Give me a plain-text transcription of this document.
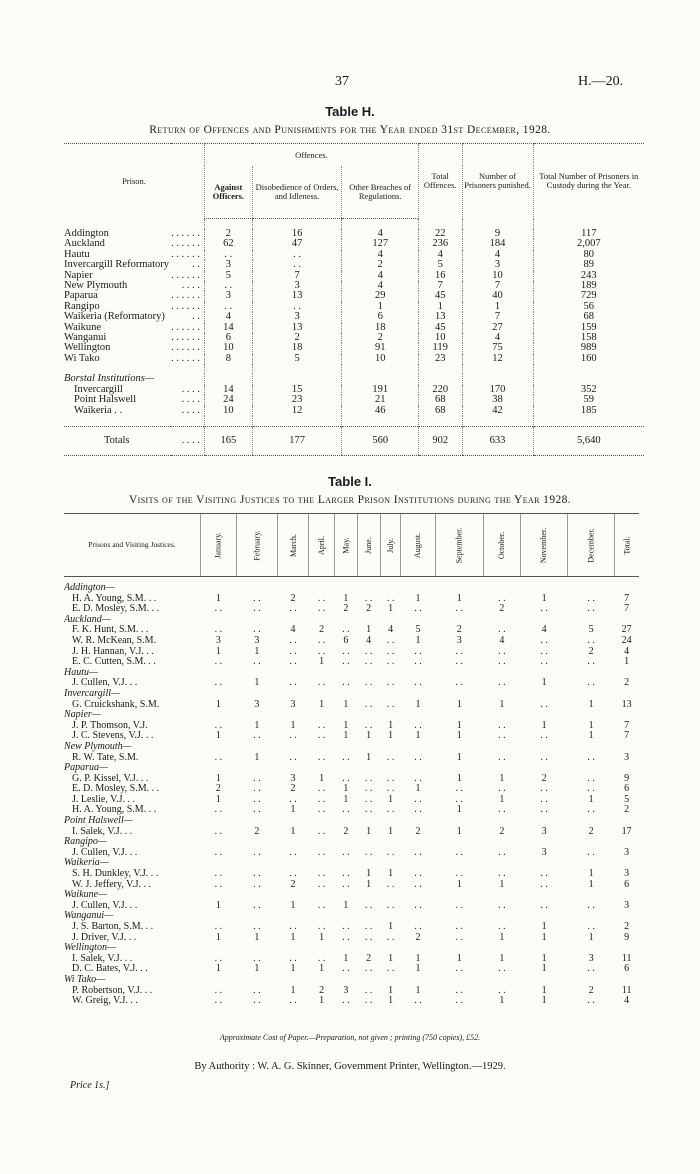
37	H.—20.
Table H.
Return of Offences and Punishments for the Year ended 31st December, 1928.
Prison.		Offences.			Total Offences.	Number of Prisoners punished.	Total Number of Prisoners in Custody during the Year.
		Against Officers.	Disobedience of Orders, and Idleness.	Other Breaches of Regulations.			

Addington	. . . . . .	2	16	4	22	9	117
Auckland	. . . . . .	62	47	127	236	184	2,007
Hautu	. . . . . .	. .	. .	4	4	4	80
Invercargill Reformatory	. .	3	. .	2	5	3	89
Napier	. . . . . .	5	7	4	16	10	243
New Plymouth	. . . .	. .	3	4	7	7	189
Paparua	. . . . . .	3	13	29	45	40	729
Rangipo	. . . . . .	. .	. .	1	1	1	56
Waikeria (Reformatory)	. .	4	3	6	13	7	68
Waikune	. . . . . .	14	13	18	45	27	159
Wanganui	. . . . . .	6	2	2	10	4	158
Wellington	. . . . . .	10	18	91	119	75	989
Wi Tako	. . . . . .	8	5	10	23	12	160

Borstal Institutions—							
Invercargill	. . . .	14	15	191	220	170	352
Point Halswell	. . . .	24	23	21	68	38	59
Waikeria . .	. . . .	10	12	46	68	42	185

Totals	. . . .	165	177	560	902	633	5,640
Table I.
Visits of the Visiting Justices to the Larger Prison Institutions during the Year 1928.
Prisons and Visiting Justices.	January.	February.	March.	April.	May.	June.	July.	August.	September.	October.	November.	December.	Total.

Addington—													
H. A. Young, S.M. . .	1	. .	2	. .	1	. .	. .	1	1	. .	1	. .	7
E. D. Mosley, S.M. . .	. .	. .	. .	. .	2	2	1	. .	. .	2	. .	. .	7
Auckland—													
F. K. Hunt, S.M. . .	. .	. .	4	2	. .	1	4	5	2	. .	4	5	27
W. R. McKean, S.M.	3	3	. .	. .	6	4	. .	1	3	4	. .	. .	24
J. H. Hannan, V.J. . .	1	1	. .	. .	. .	. .	. .	. .	. .	. .	. .	2	4
E. C. Cutten, S.M. . .	. .	. .	. .	1	. .	. .	. .	. .	. .	. .	. .	. .	1
Hautu—													
J. Cullen, V.J. . .	. .	1	. .	. .	. .	. .	. .	. .	. .	. .	1	. .	2
Invercargill—													
G. Cruickshank, S.M.	1	3	3	1	1	. .	. .	1	1	1	. .	1	13
Napier—													
J. P. Thomson, V.J.	. .	1	1	. .	1	. .	1	. .	1	. .	1	1	7
J. C. Stevens, V.J. . .	1	. .	. .	. .	1	1	1	1	1	. .	. .	1	7
New Plymouth—													
R. W. Tate, S.M.	. .	1	. .	. .	. .	1	. .	. .	1	. .	. .	. .	3
Paparua—													
G. P. Kissel, V.J. . .	1	. .	3	1	. .	. .	. .	. .	1	1	2	. .	9
E. D. Mosley, S.M. . .	2	. .	2	. .	1	. .	. .	1	. .	. .	. .	. .	6
J. Leslie, V.J. . .	1	. .	. .	. .	1	. .	1	. .	. .	1	. .	1	5
H. A. Young, S.M. . .	. .	. .	1	. .	. .	. .	. .	. .	1	. .	. .	. .	2
Point Halswell—													
I. Salek, V.J. . .	. .	2	1	. .	2	1	1	2	1	2	3	2	17
Rangipo—													
J. Cullen, V.J. . .	. .	. .	. .	. .	. .	. .	. .	. .	. .	. .	3	. .	3
Waikeria—													
S. H. Dunkley, V.J. . .	. .	. .	. .	. .	. .	1	1	. .	. .	. .	. .	1	3
W. J. Jeffery, V.J. . .	. .	. .	2	. .	. .	1	. .	. .	1	1	. .	1	6
Waikune—													
J. Cullen, V.J. . .	1	. .	1	. .	1	. .	. .	. .	. .	. .	. .	. .	3
Wanganui—													
J. S. Barton, S.M. . .	. .	. .	. .	. .	. .	. .	1	. .	. .	. .	1	. .	2
J. Driver, V.J. . .	1	1	1	1	. .	. .	. .	2	. .	1	1	1	9
Wellington—													
I. Salek, V.J. . .	. .	. .	. .	. .	1	2	1	1	1	1	1	3	11
D. C. Bates, V.J. . .	1	1	1	1	. .	. .	. .	1	. .	. .	1	. .	6
Wi Tako—													
P. Robertson, V.J. . .	. .	. .	1	2	3	. .	1	1	. .	. .	1	2	11
W. Greig, V.J. . .	. .	. .	. .	1	. .	. .	1	. .	. .	1	1	. .	4
Approximate Cost of Paper.—Preparation, not given ; printing (750 copies), £52.
By Authority : W. A. G. Skinner, Government Printer, Wellington.—1929.
Price 1s.]
